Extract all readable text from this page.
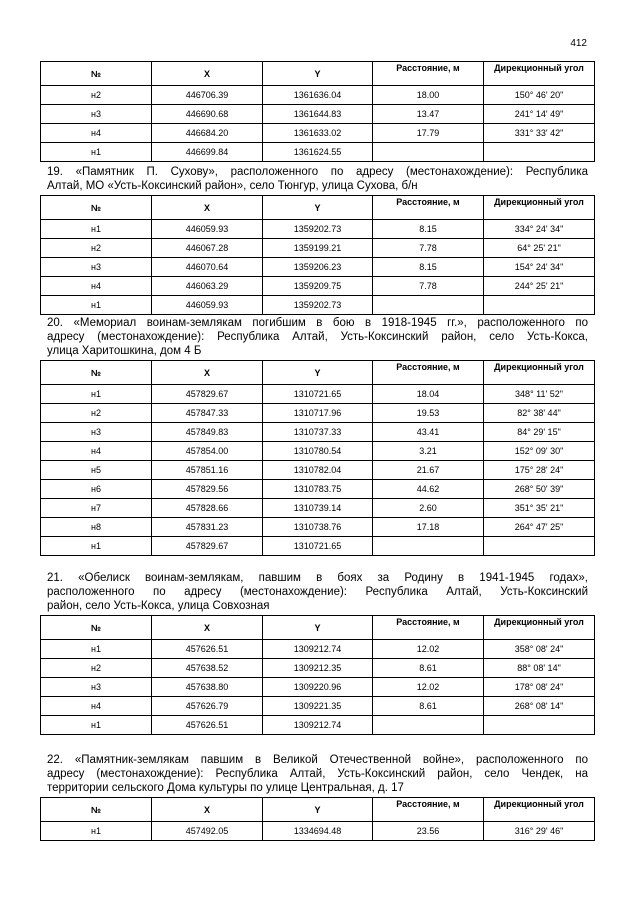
412
№	X	Y	Расстояние, м	Дирекционный угол
н2	446706.39	1361636.04	18.00	150° 46' 20"
н3	446690.68	1361644.83	13.47	241° 14' 49"
н4	446684.20	1361633.02	17.79	331° 33' 42"
н1	446699.84	1361624.55		
19. «Памятник П. Сухову», расположенного по адресу (местонахождение): Республика
Алтай, МО «Усть-Коксинский район», село Тюнгур, улица Сухова, б/н
№	X	Y	Расстояние, м	Дирекционный угол
н1	446059.93	1359202.73	8.15	334° 24' 34"
н2	446067.28	1359199.21	7.78	64° 25' 21"
н3	446070.64	1359206.23	8.15	154° 24' 34"
н4	446063.29	1359209.75	7.78	244° 25' 21"
н1	446059.93	1359202.73		
20. «Мемориал воинам-землякам погибшим в бою в 1918-1945 гг.», расположенного по
адресу (местонахождение): Республика Алтай, Усть-Коксинский район, село Усть-Кокса,
улица Харитошкина, дом 4 Б
№	X	Y	Расстояние, м	Дирекционный угол
н1	457829.67	1310721.65	18.04	348° 11' 52"
н2	457847.33	1310717.96	19.53	82° 38' 44"
н3	457849.83	1310737.33	43.41	84° 29' 15"
н4	457854.00	1310780.54	3.21	152° 09' 30"
н5	457851.16	1310782.04	21.67	175° 28' 24"
н6	457829.56	1310783.75	44.62	268° 50' 39"
н7	457828.66	1310739.14	2.60	351° 35' 21"
н8	457831.23	1310738.76	17.18	264° 47' 25"
н1	457829.67	1310721.65		
21. «Обелиск воинам-землякам, павшим в боях за Родину в 1941-1945 годах»,
расположенного по адресу (местонахождение): Республика Алтай, Усть-Коксинский
район, село Усть-Кокса, улица Совхозная
№	X	Y	Расстояние, м	Дирекционный угол
н1	457626.51	1309212.74	12.02	358° 08' 24"
н2	457638.52	1309212.35	8.61	88° 08' 14"
н3	457638.80	1309220.96	12.02	178° 08' 24"
н4	457626.79	1309221.35	8.61	268° 08' 14"
н1	457626.51	1309212.74		
22. «Памятник-землякам павшим в Великой Отечественной войне», расположенного по
адресу (местонахождение): Республика Алтай, Усть-Коксинский район, село Чендек, на
территории сельского Дома культуры по улице Центральная, д. 17
№	X	Y	Расстояние, м	Дирекционный угол
н1	457492.05	1334694.48	23.56	316° 29' 46"
